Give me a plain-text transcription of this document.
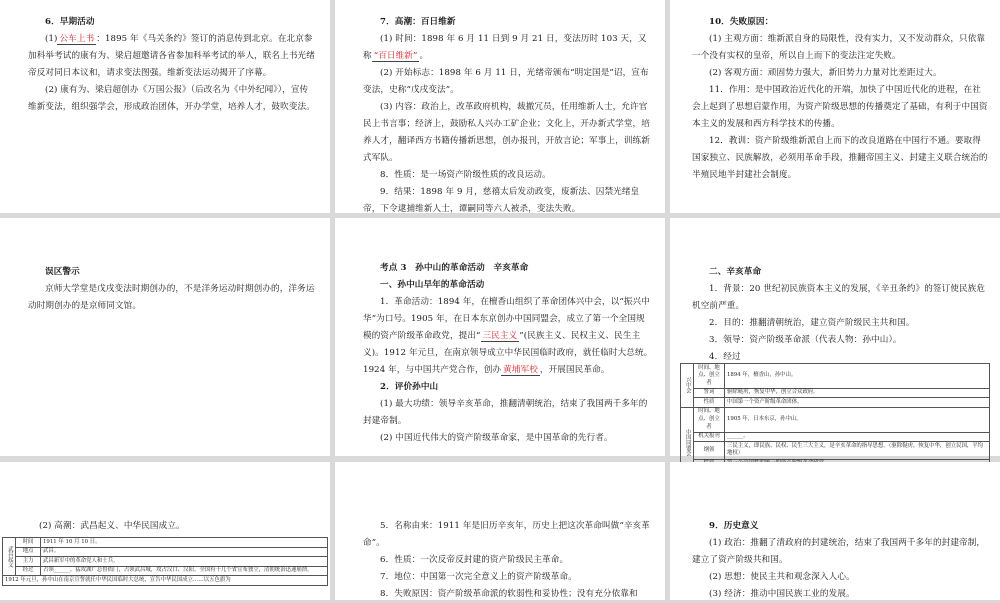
6．早期活动

(1) 公车上书 ：1895 年《马关条约》签订的消息传到北京。在北京参加科举考试的康有为、梁启超邀请各省参加科举考试的举人，联名上书光绪帝反对同日本议和，请求变法图强。维新变法运动揭开了序幕。

(2) 康有为、梁启超创办《万国公报》（后改名为《中外纪闻》），宣传维新变法，组织强学会，形成政治团体，开办学堂，培养人才，鼓吹变法。

7．高潮：百日维新

(1) 时间：1898 年 6 月 11 日到 9 月 21 日，变法历时 103 天，又称 “百日维新” 。

(2) 开始标志：1898 年 6 月 11 日，光绪帝颁布“明定国是”诏，宣布变法，史称“戊戌变法”。

(3) 内容：政治上，改革政府机构，裁撤冗员，任用维新人士，允许官民上书言事；经济上，鼓励私人兴办工矿企业；文化上，开办新式学堂，培养人才，翻译西方书籍传播新思想，创办报刊，开放言论；军事上，训练新式军队。

8．性质：是一场资产阶级性质的改良运动。

9．结果：1898 年 9 月，慈禧太后发动政变，废新法、囚禁光绪皇帝，下令逮捕维新人士，谭嗣同等六人被杀，变法失败。

10．失败原因：

(1) 主观方面：维新派自身的局限性，没有实力，又不发动群众，只依靠一个没有实权的皇帝，所以自上而下的变法注定失败。

(2) 客观方面：顽固势力强大，新旧势力力量对比差距过大。

11．作用：是中国政治近代化的开端，加快了中国近代化的进程，在社会上起到了思想启蒙作用，为资产阶级思想的传播奠定了基础，有利于中国资本主义的发展和西方科学技术的传播。

12．教训：资产阶级维新派自上而下的改良道路在中国行不通。要取得国家独立、民族解放，必须用革命手段，推翻帝国主义、封建主义联合统治的半殖民地半封建社会制度。

误区警示

京师大学堂是戊戌变法时期创办的，不是洋务运动时期创办的，洋务运动时期创办的是京师同文馆。

考点 3　孙中山的革命活动　辛亥革命

一、孙中山早年的革命活动

1．革命活动：1894 年，在檀香山组织了革命团体兴中会，以“振兴中华”为口号。1905 年，在日本东京创办中国同盟会，成立了第一个全国规模的资产阶级革命政党，提出“ 三民主义 ”(民族主义、民权主义、民生主义)。1912 年元旦，在南京领导成立中华民国临时政府，就任临时大总统。1924 年，与中国共产党合作，创办 黄埔军校 ，开展国民革命。

2．评价孙中山

(1) 最大功绩：领导辛亥革命，推翻清朝统治，结束了我国两千多年的封建帝制。

(2) 中国近代伟大的资产阶级革命家，是中国革命的先行者。

二、辛亥革命

1．背景：20 世纪初民族资本主义的发展，《辛丑条约》的签订使民族危机空前严重。

2．目的：推翻清朝统治，建立资产阶级民主共和国。

3．领导：资产阶级革命派（代表人物：孙中山）。

4．经过

兴中会	时间、地点、创立者	1894 年，檀香山，孙中山。
	誓词	驱除鞑虏，恢复中华，创立合众政府。
	性质	中国第一个资产阶级革命团体。
中国同盟会	时间、地点、创立者	1905 年，日本东京，孙中山。
	机关报刊	______。
	纲领	三民主义，即民族、民权、民生三大主义，是辛亥革命的指导思想。（驱除鞑虏，恢复中华，创立民国，平均地权）

(2) 高潮：武昌起义、中华民国成立。

武昌起义	时间	1911 年 10 月 10 日。
	地点	武昌。
	主力	武昌新军中的革命党人和士兵。
	经过	占领______，猛攻湖广总督衙门，占领武昌城，攻占汉口、汉阳。全国有十几个省宣布独立，清朝统治迅速崩溃。
1912 年元旦，孙中山在南京宣誓就任中华民国临时大总统，宣告中华民国成立……以五色旗为		

5．名称由来：1911 年是旧历辛亥年，历史上把这次革命叫做“辛亥革命”。

6．性质：一次反帝反封建的资产阶级民主革命。

7．地位：中国第一次完全意义上的资产阶级革命。

8．失败原因：资产阶级革命派的软弱性和妥协性；没有充分依靠和

9．历史意义

(1) 政治：推翻了清政府的封建统治，结束了我国两千多年的封建帝制，建立了资产阶级共和国。

(2) 思想：使民主共和观念深入人心。

(3) 经济：推动中国民族工业的发展。
